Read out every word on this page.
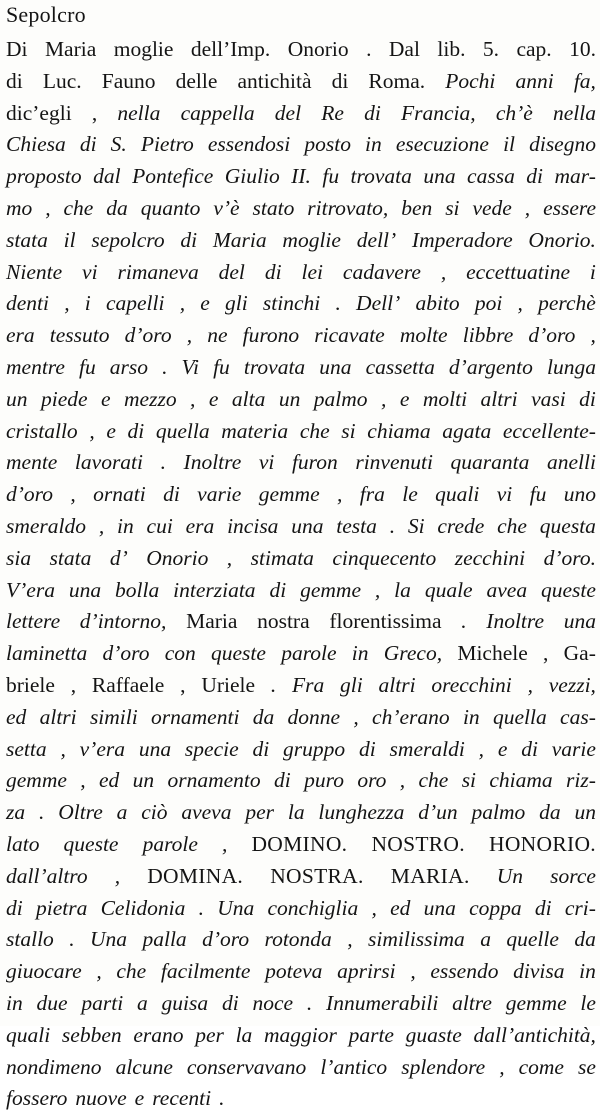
Sepolcro
Di Maria moglie dell’Imp. Onorio . Dal lib. 5. cap. 10.
di Luc. Fauno delle antichità di Roma. Pochi anni fa,
dic’egli , nella cappella del Re di Francia, ch’è nella
Chiesa di S. Pietro essendosi posto in esecuzione il disegno
proposto dal Pontefice Giulio II. fu trovata una cassa di mar-
mo , che da quanto v’è stato ritrovato, ben si vede , essere
stata il sepolcro di Maria moglie dell’ Imperadore Onorio.
Niente vi rimaneva del di lei cadavere , eccettuatine i
denti , i capelli , e gli stinchi . Dell’ abito poi , perchè
era tessuto d’oro , ne furono ricavate molte libbre d’oro ,
mentre fu arso . Vi fu trovata una cassetta d’argento lunga
un piede e mezzo , e alta un palmo , e molti altri vasi di
cristallo , e di quella materia che si chiama agata eccellente-
mente lavorati . Inoltre vi furon rinvenuti quaranta anelli
d’oro , ornati di varie gemme , fra le quali vi fu uno
smeraldo , in cui era incisa una testa . Si crede che questa
sia stata d’ Onorio , stimata cinquecento zecchini d’oro.
V’era una bolla interziata di gemme , la quale avea queste
lettere d’intorno, Maria nostra florentissima . Inoltre una
laminetta d’oro con queste parole in Greco, Michele , Ga-
briele , Raffaele , Uriele . Fra gli altri orecchini , vezzi,
ed altri simili ornamenti da donne , ch’erano in quella cas-
setta , v’era una specie di gruppo di smeraldi , e di varie
gemme , ed un ornamento di puro oro , che si chiama riz-
za . Oltre a ciò aveva per la lunghezza d’un palmo da un
lato queste parole , DOMINO. NOSTRO. HONORIO.
dall’altro , DOMINA. NOSTRA. MARIA. Un sorce
di pietra Celidonia . Una conchiglia , ed una coppa di cri-
stallo . Una palla d’oro rotonda , similissima a quelle da
giuocare , che facilmente poteva aprirsi , essendo divisa in
in due parti a guisa di noce . Innumerabili altre gemme le
quali sebben erano per la maggior parte guaste dall’antichità,
nondimeno alcune conservavano l’antico splendore , come se
fossero nuove e recenti .
